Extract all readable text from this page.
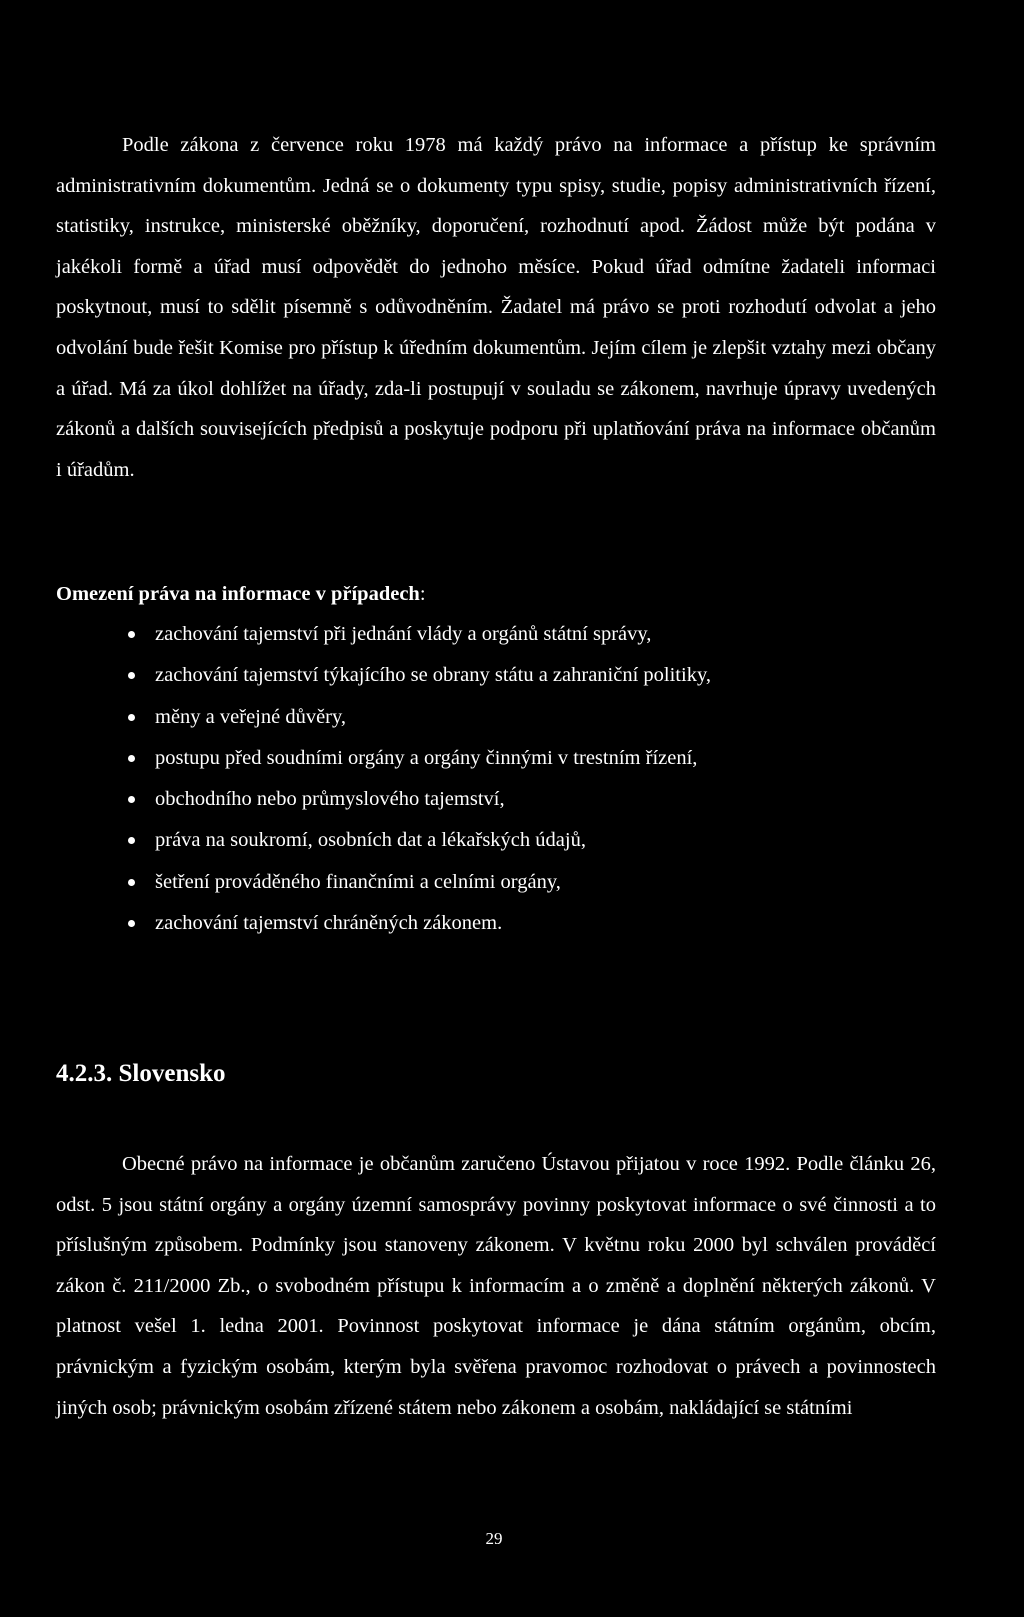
Podle zákona z července roku 1978 má každý právo na informace a přístup ke správním administrativním dokumentům. Jedná se o dokumenty typu spisy, studie, popisy administrativních řízení, statistiky, instrukce, ministerské oběžníky, doporučení, rozhodnutí apod. Žádost může být podána v jakékoli formě a úřad musí odpovědět do jednoho měsíce. Pokud úřad odmítne žadateli informaci poskytnout, musí to sdělit písemně s odůvodněním. Žadatel má právo se proti rozhodutí odvolat a jeho odvolání bude řešit Komise pro přístup k úředním dokumentům. Jejím cílem je zlepšit vztahy mezi občany a úřad. Má za úkol dohlížet na úřady, zda-li postupují v souladu se zákonem, navrhuje úpravy uvedených zákonů a dalších souvisejících předpisů a poskytuje podporu při uplatňování práva na informace občanům i úřadům.

Omezení práva na informace v případech:

zachování tajemství při jednání vlády a orgánů státní správy,
zachování tajemství týkajícího se obrany státu a zahraniční politiky,
měny a veřejné důvěry,
postupu před soudními orgány a orgány činnými v trestním řízení,
obchodního nebo průmyslového tajemství,
práva na soukromí, osobních dat a lékařských údajů,
šetření prováděného finančními a celními orgány,
zachování tajemství chráněných zákonem.
4.2.3. Slovensko

Obecné právo na informace je občanům zaručeno Ústavou přijatou v roce 1992. Podle článku 26, odst. 5 jsou státní orgány a orgány územní samosprávy povinny poskytovat informace o své činnosti a to příslušným způsobem. Podmínky jsou stanoveny zákonem. V květnu roku 2000 byl schválen prováděcí zákon č. 211/2000 Zb., o svobodném přístupu k informacím a o změně a doplnění některých zákonů. V platnost vešel 1. ledna 2001. Povinnost poskytovat informace je dána státním orgánům, obcím, právnickým a fyzickým osobám, kterým byla svěřena pravomoc rozhodovat o právech a povinnostech jiných osob; právnickým osobám zřízené státem nebo zákonem a osobám, nakládající se státními

29
